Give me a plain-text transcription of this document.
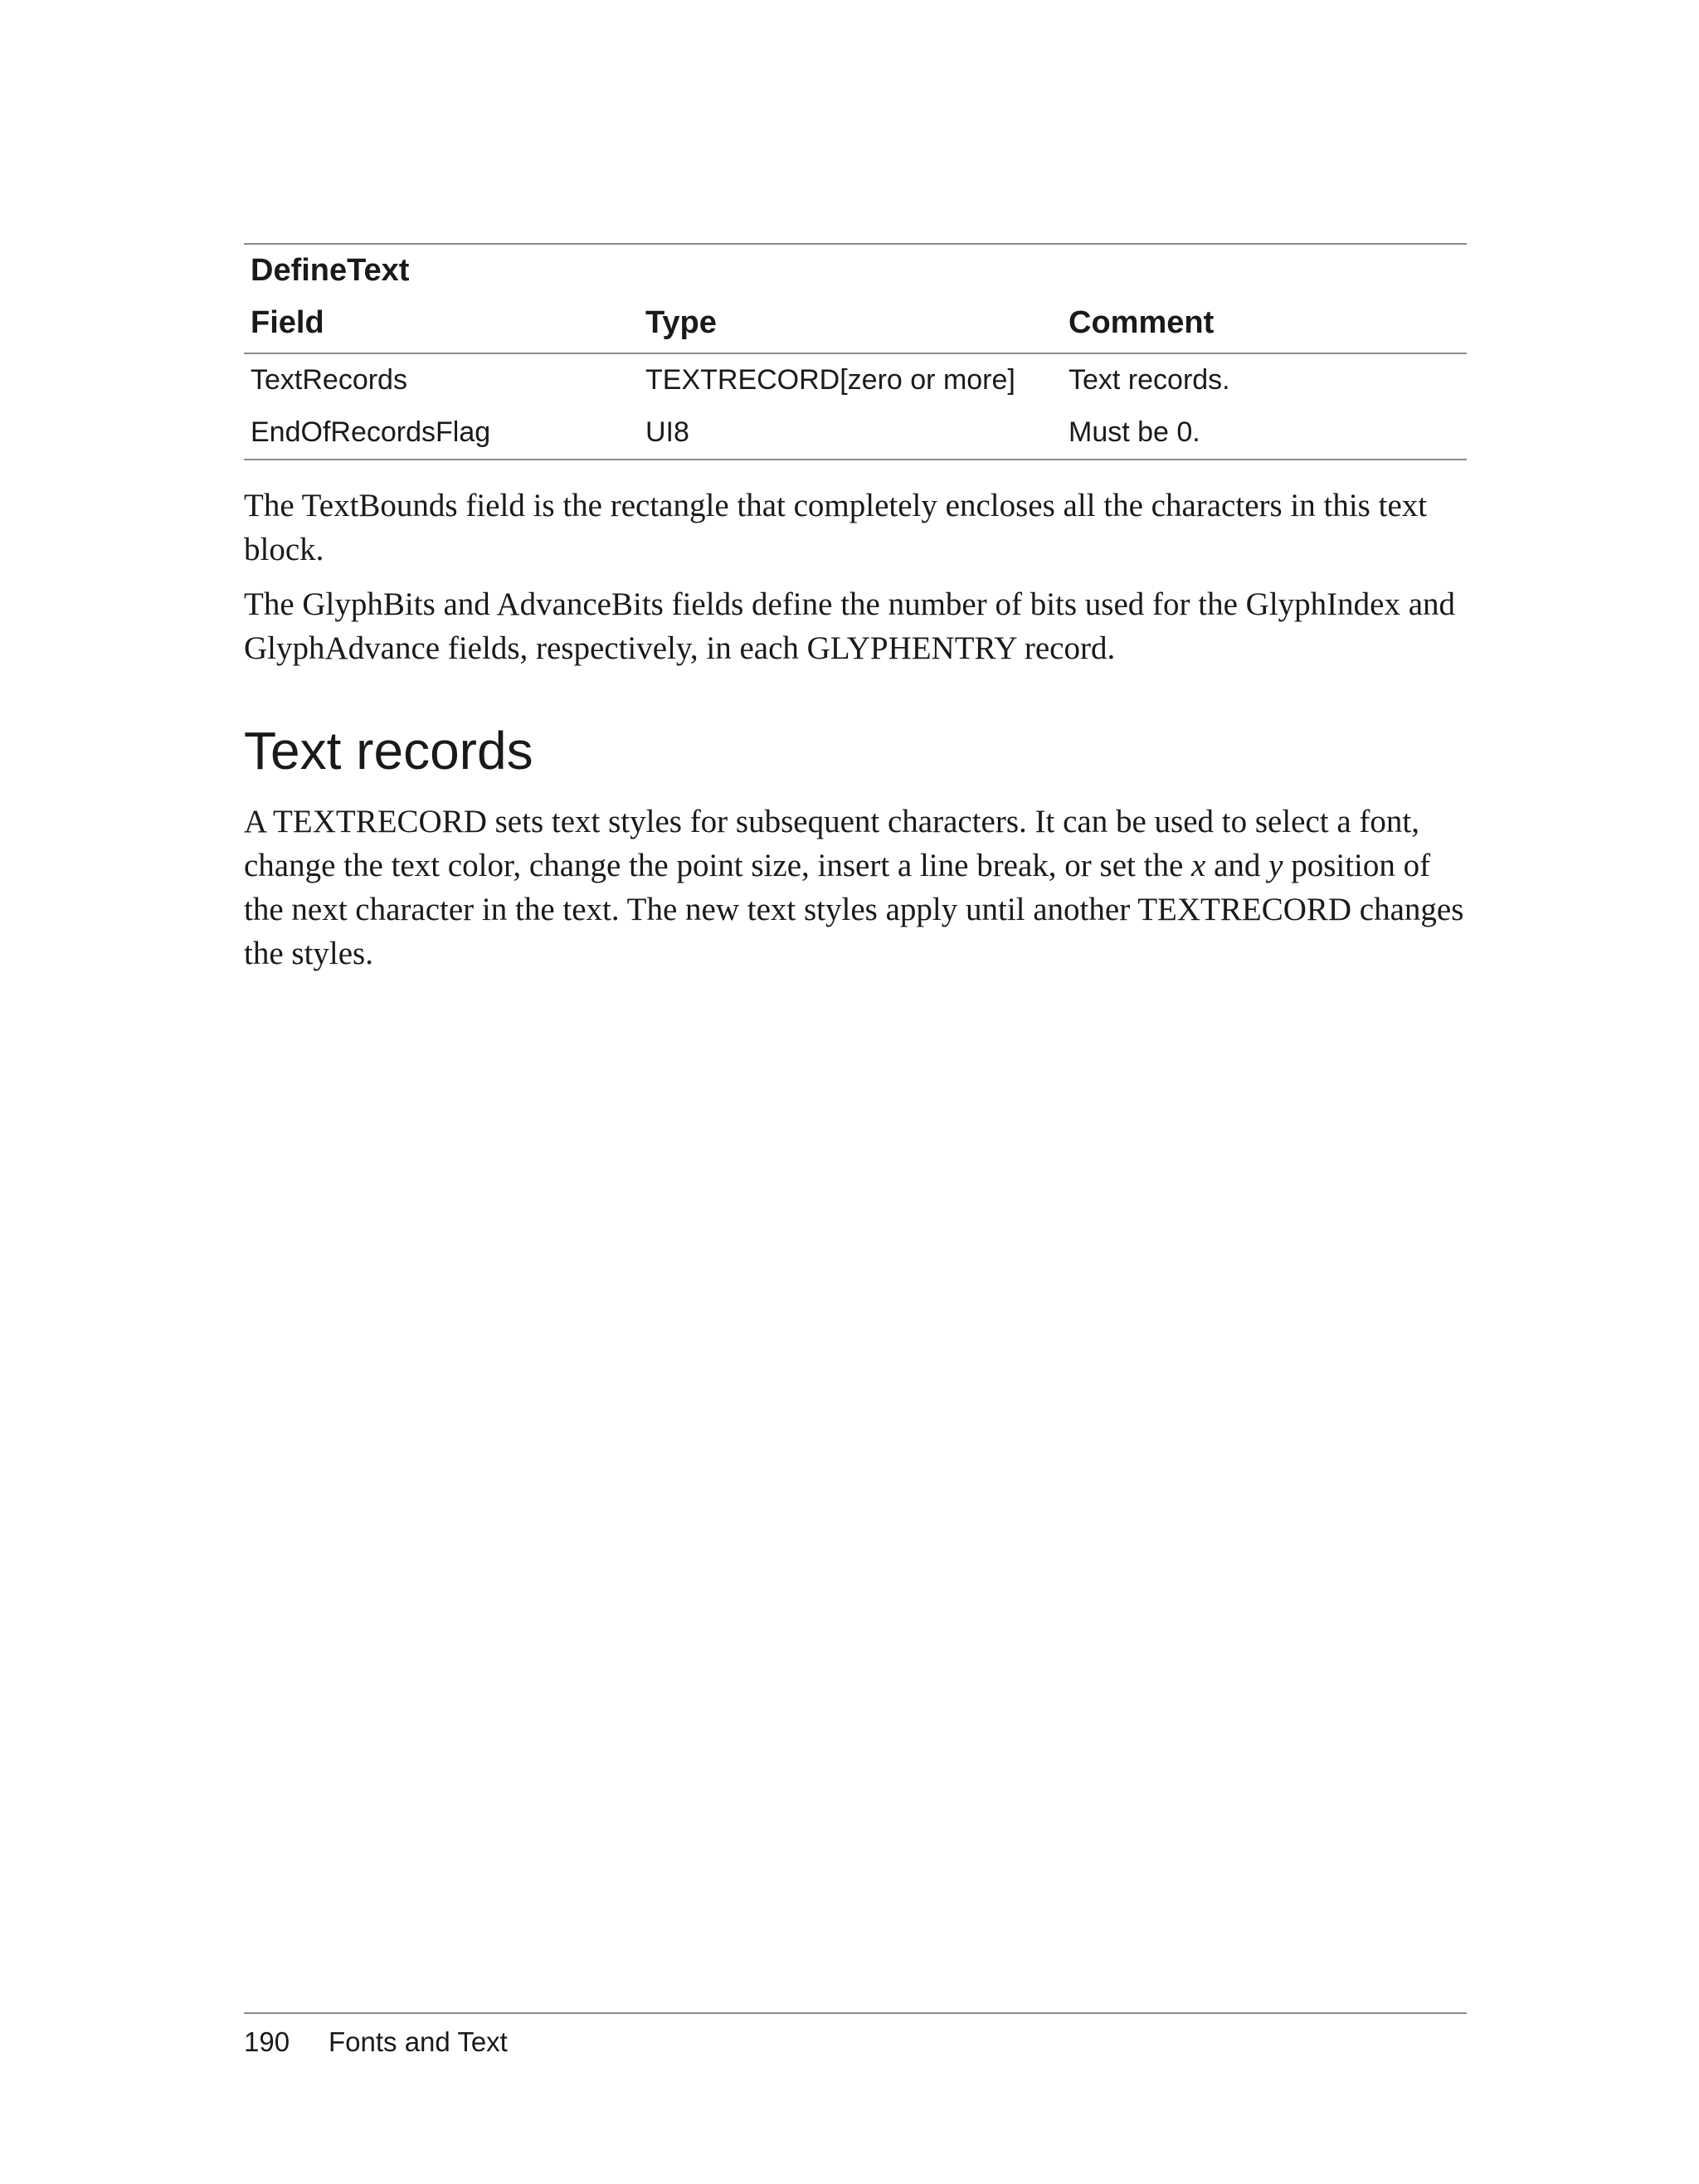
DefineText
Field	Type	Comment
TextRecords	TEXTRECORD[zero or more]	Text records.
EndOfRecordsFlag	UI8	Must be 0.

The TextBounds field is the rectangle that completely encloses all the characters in this text block.

The GlyphBits and AdvanceBits fields define the number of bits used for the GlyphIndex and GlyphAdvance fields, respectively, in each GLYPHENTRY record.

Text records

A TEXTRECORD sets text styles for subsequent characters. It can be used to select a font, change the text color, change the point size, insert a line break, or set the x and y position of the next character in the text. The new text styles apply until another TEXTRECORD changes the styles.

190 Fonts and Text
